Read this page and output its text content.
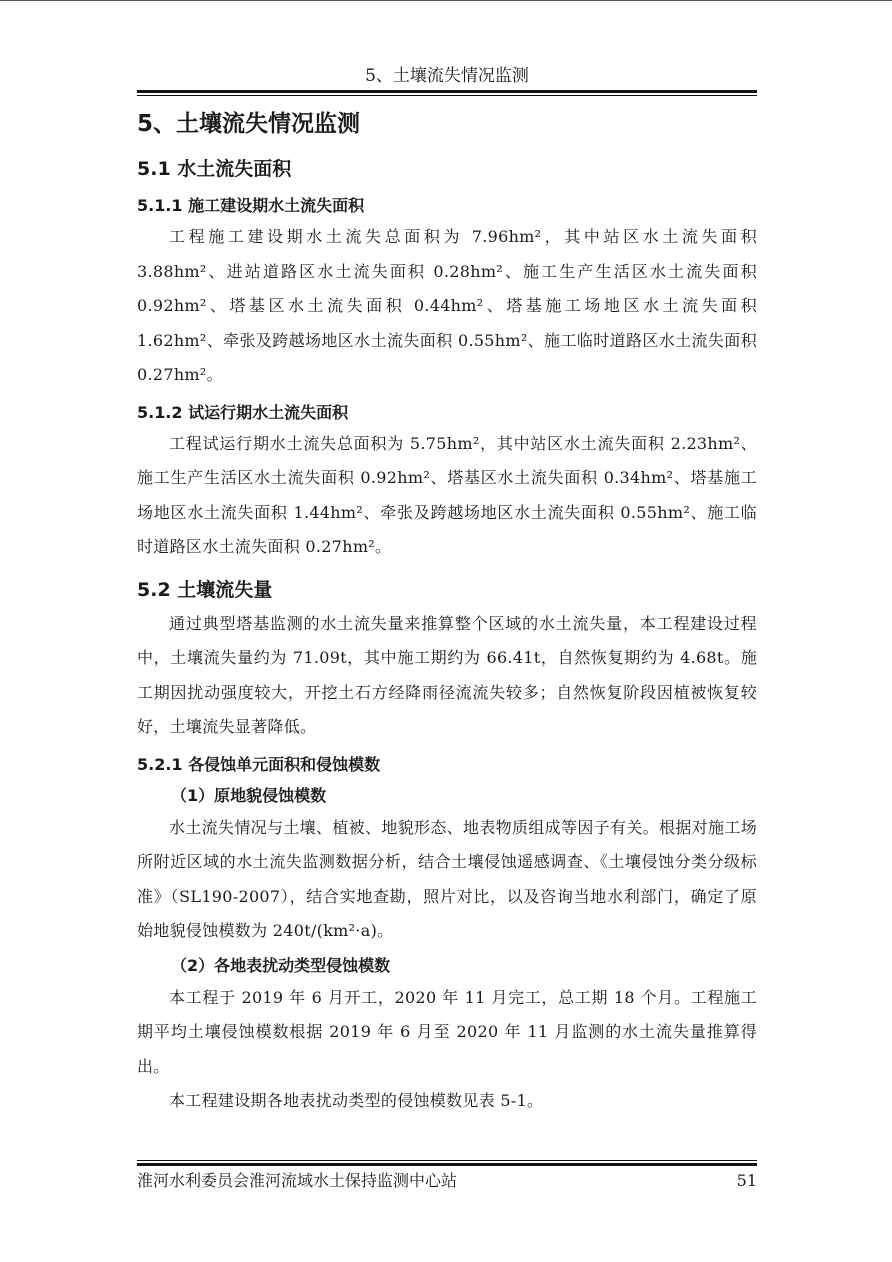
5、土壤流失情况监测
5、土壤流失情况监测
5.1 水土流失面积
5.1.1 施工建设期水土流失面积

工程施工建设期水土流失总面积为 7.96hm²，其中站区水土流失面积 3.88hm²、进站道路区水土流失面积 0.28hm²、施工生产生活区水土流失面积 0.92hm²、塔基区水土流失面积 0.44hm²、塔基施工场地区水土流失面积 1.62hm²、牵张及跨越场地区水土流失面积 0.55hm²、施工临时道路区水土流失面积 0.27hm²。

5.1.2 试运行期水土流失面积

工程试运行期水土流失总面积为 5.75hm²，其中站区水土流失面积 2.23hm²、施工生产生活区水土流失面积 0.92hm²、塔基区水土流失面积 0.34hm²、塔基施工场地区水土流失面积 1.44hm²、牵张及跨越场地区水土流失面积 0.55hm²、施工临时道路区水土流失面积 0.27hm²。

5.2 土壤流失量

通过典型塔基监测的水土流失量来推算整个区域的水土流失量，本工程建设过程中，土壤流失量约为 71.09t，其中施工期约为 66.41t，自然恢复期约为 4.68t。施工期因扰动强度较大，开挖土石方经降雨径流流失较多；自然恢复阶段因植被恢复较好，土壤流失显著降低。

5.2.1 各侵蚀单元面积和侵蚀模数
（1）原地貌侵蚀模数

水土流失情况与土壤、植被、地貌形态、地表物质组成等因子有关。根据对施工场所附近区域的水土流失监测数据分析，结合土壤侵蚀遥感调查、《土壤侵蚀分类分级标准》（SL190-2007），结合实地查勘，照片对比，以及咨询当地水利部门，确定了原始地貌侵蚀模数为 240t/(km²·a)。

（2）各地表扰动类型侵蚀模数

本工程于 2019 年 6 月开工，2020 年 11 月完工，总工期 18 个月。工程施工期平均土壤侵蚀模数根据 2019 年 6 月至 2020 年 11 月监测的水土流失量推算得出。

本工程建设期各地表扰动类型的侵蚀模数见表 5-1。

淮河水利委员会淮河流域水土保持监测中心站	51
